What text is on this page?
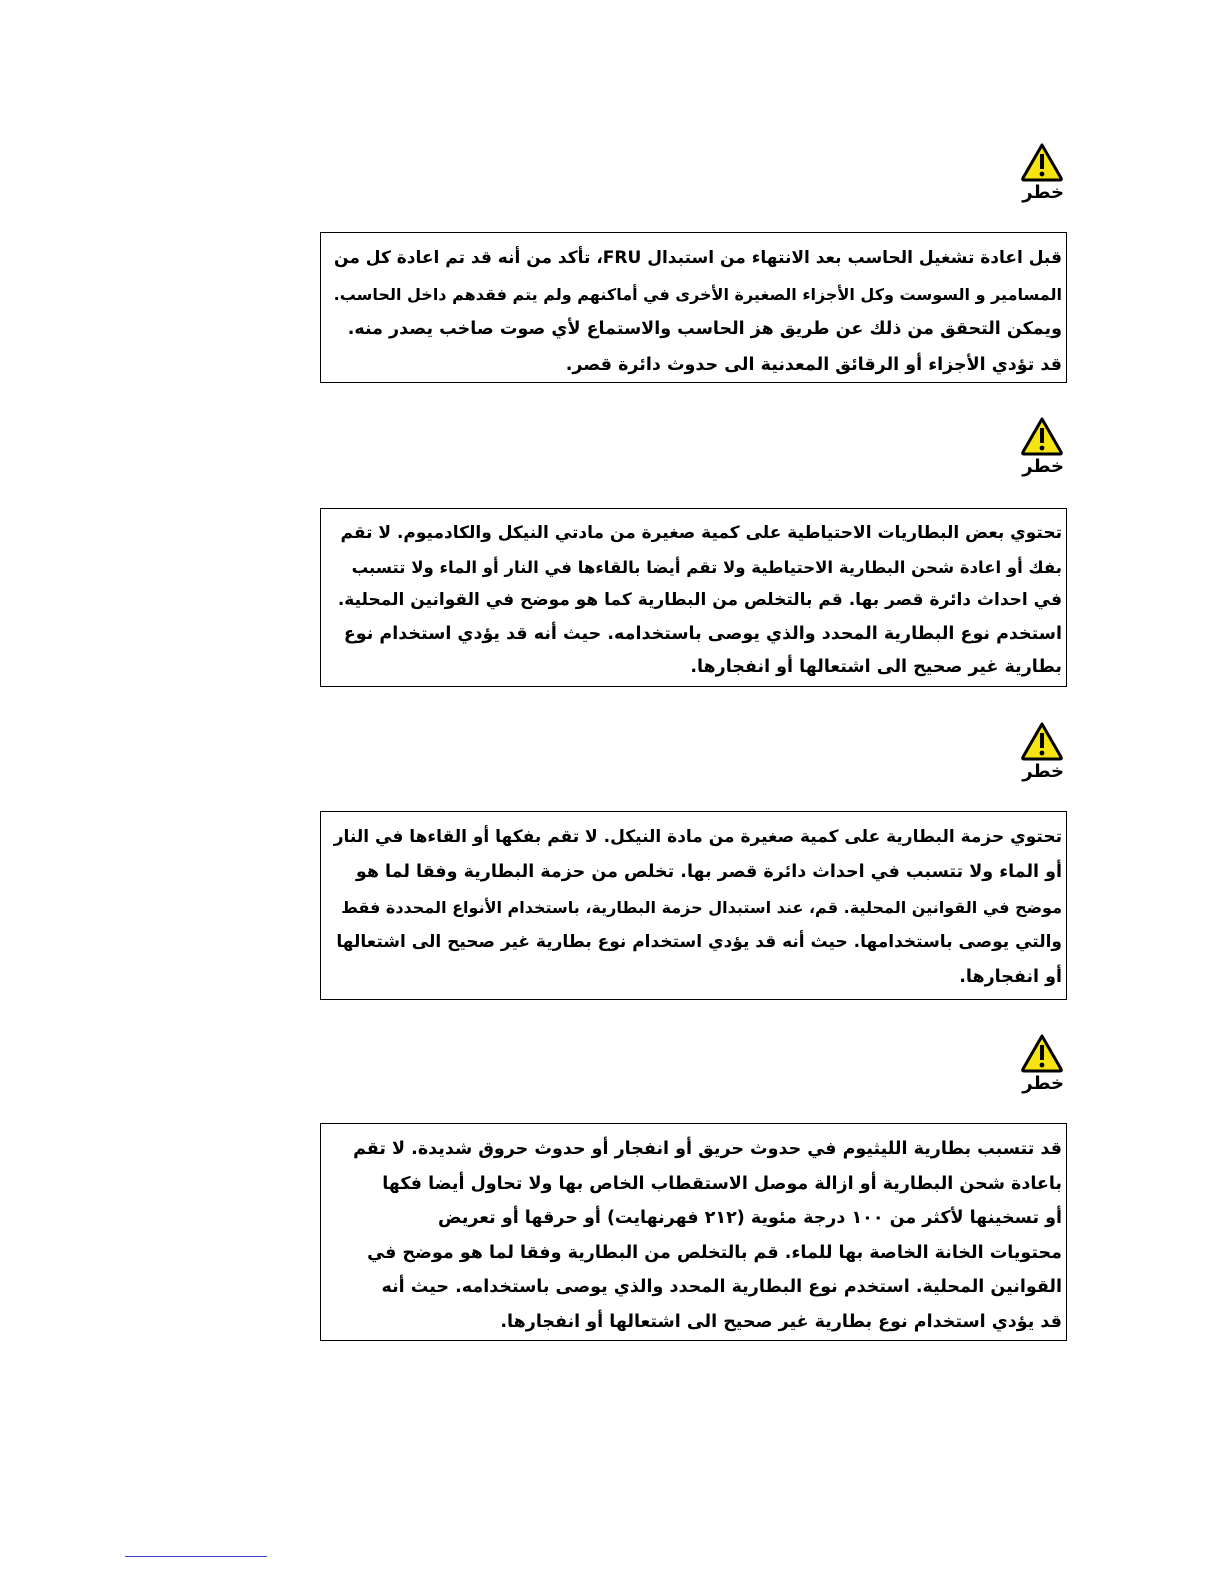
خطر
قبل اعادة تشغيل الحاسب بعد الانتهاء من استبدال FRU، تأكد من أنه قد تم اعادة كل من
المسامير و السوست وكل الأجزاء الصغيرة الأخرى في أماكنهم ولم يتم فقدهم داخل الحاسب.
ويمكن التحقق من ذلك عن طريق هز الحاسب والاستماع لأي صوت صاخب يصدر منه.
قد تؤدي الأجزاء أو الرقائق المعدنية الى حدوث دائرة قصر.
خطر
تحتوي بعض البطاريات الاحتياطية على كمية صغيرة من مادتي النيكل والكادميوم. لا تقم
بفك أو اعادة شحن البطارية الاحتياطية ولا تقم أيضا بالقاءها في النار أو الماء ولا تتسبب
في احداث دائرة قصر بها. قم بالتخلص من البطارية كما هو موضح في القوانين المحلية.
استخدم نوع البطارية المحدد والذي يوصى باستخدامه. حيث أنه قد يؤدي استخدام نوع
بطارية غير صحيح الى اشتعالها أو انفجارها.
خطر
تحتوي حزمة البطارية على كمية صغيرة من مادة النيكل. لا تقم بفكها أو القاءها في النار
أو الماء ولا تتسبب في احداث دائرة قصر بها. تخلص من حزمة البطارية وفقا لما هو
موضح في القوانين المحلية. قم، عند استبدال حزمة البطارية، باستخدام الأنواع المحددة فقط
والتي يوصى باستخدامها. حيث أنه قد يؤدي استخدام نوع بطارية غير صحيح الى اشتعالها
أو انفجارها.
خطر
قد تتسبب بطارية الليثيوم في حدوث حريق أو انفجار أو حدوث حروق شديدة. لا تقم
باعادة شحن البطارية أو ازالة موصل الاستقطاب الخاص بها ولا تحاول أيضا فكها
أو تسخينها لأكثر من ١٠٠ درجة مئوية (٢١٢ فهرنهايت) أو حرقها أو تعريض
محتويات الخانة الخاصة بها للماء. قم بالتخلص من البطارية وفقا لما هو موضح في
القوانين المحلية. استخدم نوع البطارية المحدد والذي يوصى باستخدامه. حيث أنه
قد يؤدي استخدام نوع بطارية غير صحيح الى اشتعالها أو انفجارها.
